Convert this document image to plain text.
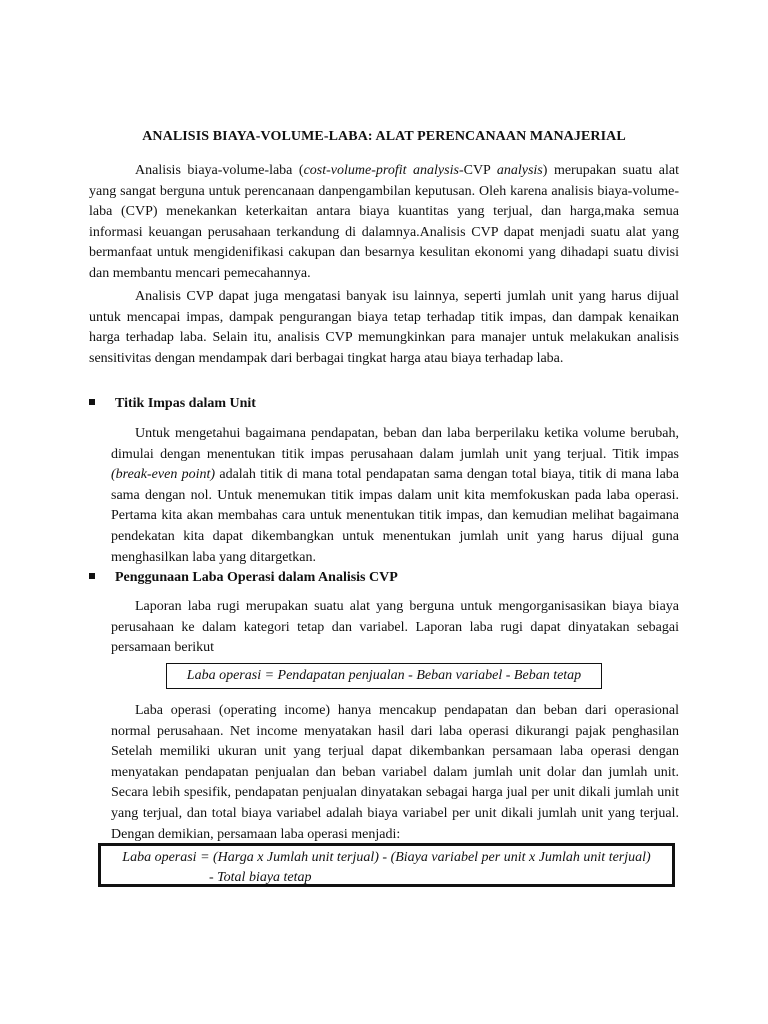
ANALISIS BIAYA-VOLUME-LABA: ALAT PERENCANAAN MANAJERIAL

Analisis biaya-volume-laba (cost-volume-profit analysis-CVP analysis) merupakan suatu alat yang sangat berguna untuk perencanaan danpengambilan keputusan. Oleh karena analisis biaya-volume-laba (CVP) menekankan keterkaitan antara biaya kuantitas yang terjual, dan harga,maka semua informasi keuangan perusahaan terkandung di dalamnya.Analisis CVP dapat menjadi suatu alat yang bermanfaat untuk mengidenifikasi cakupan dan besarnya kesulitan ekonomi yang dihadapi suatu divisi dan membantu mencari pemecahannya.

Analisis CVP dapat juga mengatasi banyak isu lainnya, seperti jumlah unit yang harus dijual untuk mencapai impas, dampak pengurangan biaya tetap terhadap titik impas, dan dampak kenaikan harga terhadap laba. Selain itu, analisis CVP memungkinkan para manajer untuk melakukan analisis sensitivitas dengan mendampak dari berbagai tingkat harga atau biaya terhadap laba.

Titik Impas dalam Unit

Untuk mengetahui bagaimana pendapatan, beban dan laba berperilaku ketika volume berubah, dimulai dengan menentukan titik impas perusahaan dalam jumlah unit yang terjual. Titik impas (break-even point) adalah titik di mana total pendapatan sama dengan total biaya, titik di mana laba sama dengan nol. Untuk menemukan titik impas dalam unit kita memfokuskan pada laba operasi. Pertama kita akan membahas cara untuk menentukan titik impas, dan kemudian melihat bagaimana pendekatan kita dapat dikembangkan untuk menentukan jumlah unit yang harus dijual guna menghasilkan laba yang ditargetkan.

Penggunaan Laba Operasi dalam Analisis CVP

Laporan laba rugi merupakan suatu alat yang berguna untuk mengorganisasikan biaya biaya perusahaan ke dalam kategori tetap dan variabel. Laporan laba rugi dapat dinyatakan sebagai persamaan berikut

Laba operasi = Pendapatan penjualan - Beban variabel - Beban tetap

Laba operasi (operating income) hanya mencakup pendapatan dan beban dari operasional normal perusahaan. Net income menyatakan hasil dari laba operasi dikurangi pajak penghasilan Setelah memiliki ukuran unit yang terjual dapat dikembankan persamaan laba operasi dengan menyatakan pendapatan penjualan dan beban variabel dalam jumlah unit dolar dan jumlah unit. Secara lebih spesifik, pendapatan penjualan dinyatakan sebagai harga jual per unit dikali jumlah unit yang terjual, dan total biaya variabel adalah biaya variabel per unit dikali jumlah unit yang terjual. Dengan demikian, persamaan laba operasi menjadi:

Laba operasi = (Harga x Jumlah unit terjual) - (Biaya variabel per unit x Jumlah unit terjual)
- Total biaya tetap
